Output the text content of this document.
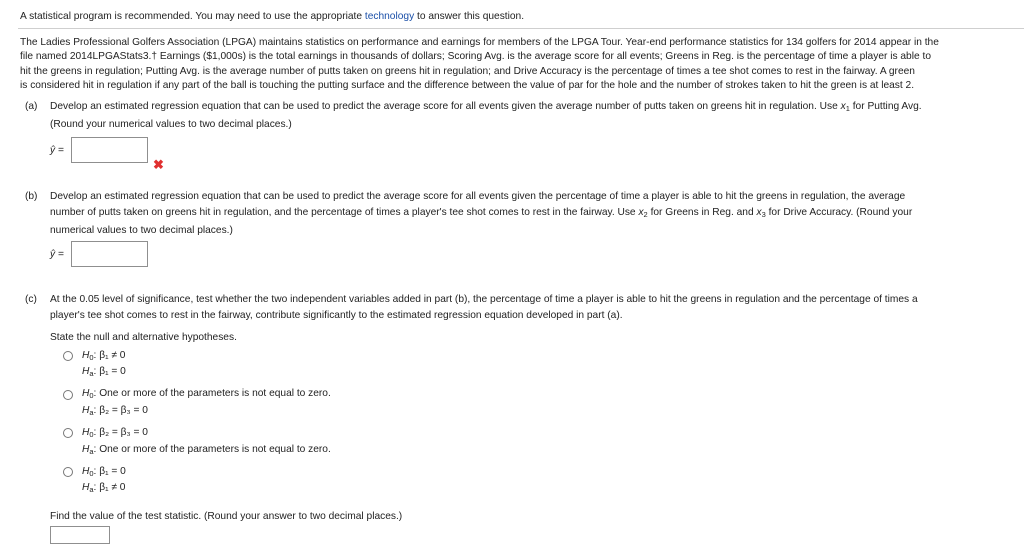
A statistical program is recommended. You may need to use the appropriate technology to answer this question.
The Ladies Professional Golfers Association (LPGA) maintains statistics on performance and earnings for members of the LPGA Tour. Year-end performance statistics for 134 golfers for 2014 appear in the
file named 2014LPGAStats3.† Earnings ($1,000s) is the total earnings in thousands of dollars; Scoring Avg. is the average score for all events; Greens in Reg. is the percentage of time a player is able to
hit the greens in regulation; Putting Avg. is the average number of putts taken on greens hit in regulation; and Drive Accuracy is the percentage of times a tee shot comes to rest in the fairway. A green
is considered hit in regulation if any part of the ball is touching the putting surface and the difference between the value of par for the hole and the number of strokes taken to hit the green is at least 2.
(a) Develop an estimated regression equation that can be used to predict the average score for all events given the average number of putts taken on greens hit in regulation. Use $x_1$ for Putting Avg.
(Round your numerical values to two decimal places.)
ŷ =
✖
(b) Develop an estimated regression equation that can be used to predict the average score for all events given the percentage of time a player is able to hit the greens in regulation, the average
number of putts taken on greens hit in regulation, and the percentage of times a player's tee shot comes to rest in the fairway. Use $x_2$ for Greens in Reg. and $x_3$ for Drive Accuracy. (Round your
numerical values to two decimal places.)
ŷ =
(c) At the 0.05 level of significance, test whether the two independent variables added in part (b), the percentage of time a player is able to hit the greens in regulation and the percentage of times a
player's tee shot comes to rest in the fairway, contribute significantly to the estimated regression equation developed in part (a).
State the null and alternative hypotheses.
$H_0$: β₁ ≠ 0
$H_a$: β₁ = 0
$H_0$: One or more of the parameters is not equal to zero.
$H_a$: β₂ = β₃ = 0
$H_0$: β₂ = β₃ = 0
$H_a$: One or more of the parameters is not equal to zero.
$H_0$: β₁ = 0
$H_a$: β₁ ≠ 0
Find the value of the test statistic. (Round your answer to two decimal places.)
